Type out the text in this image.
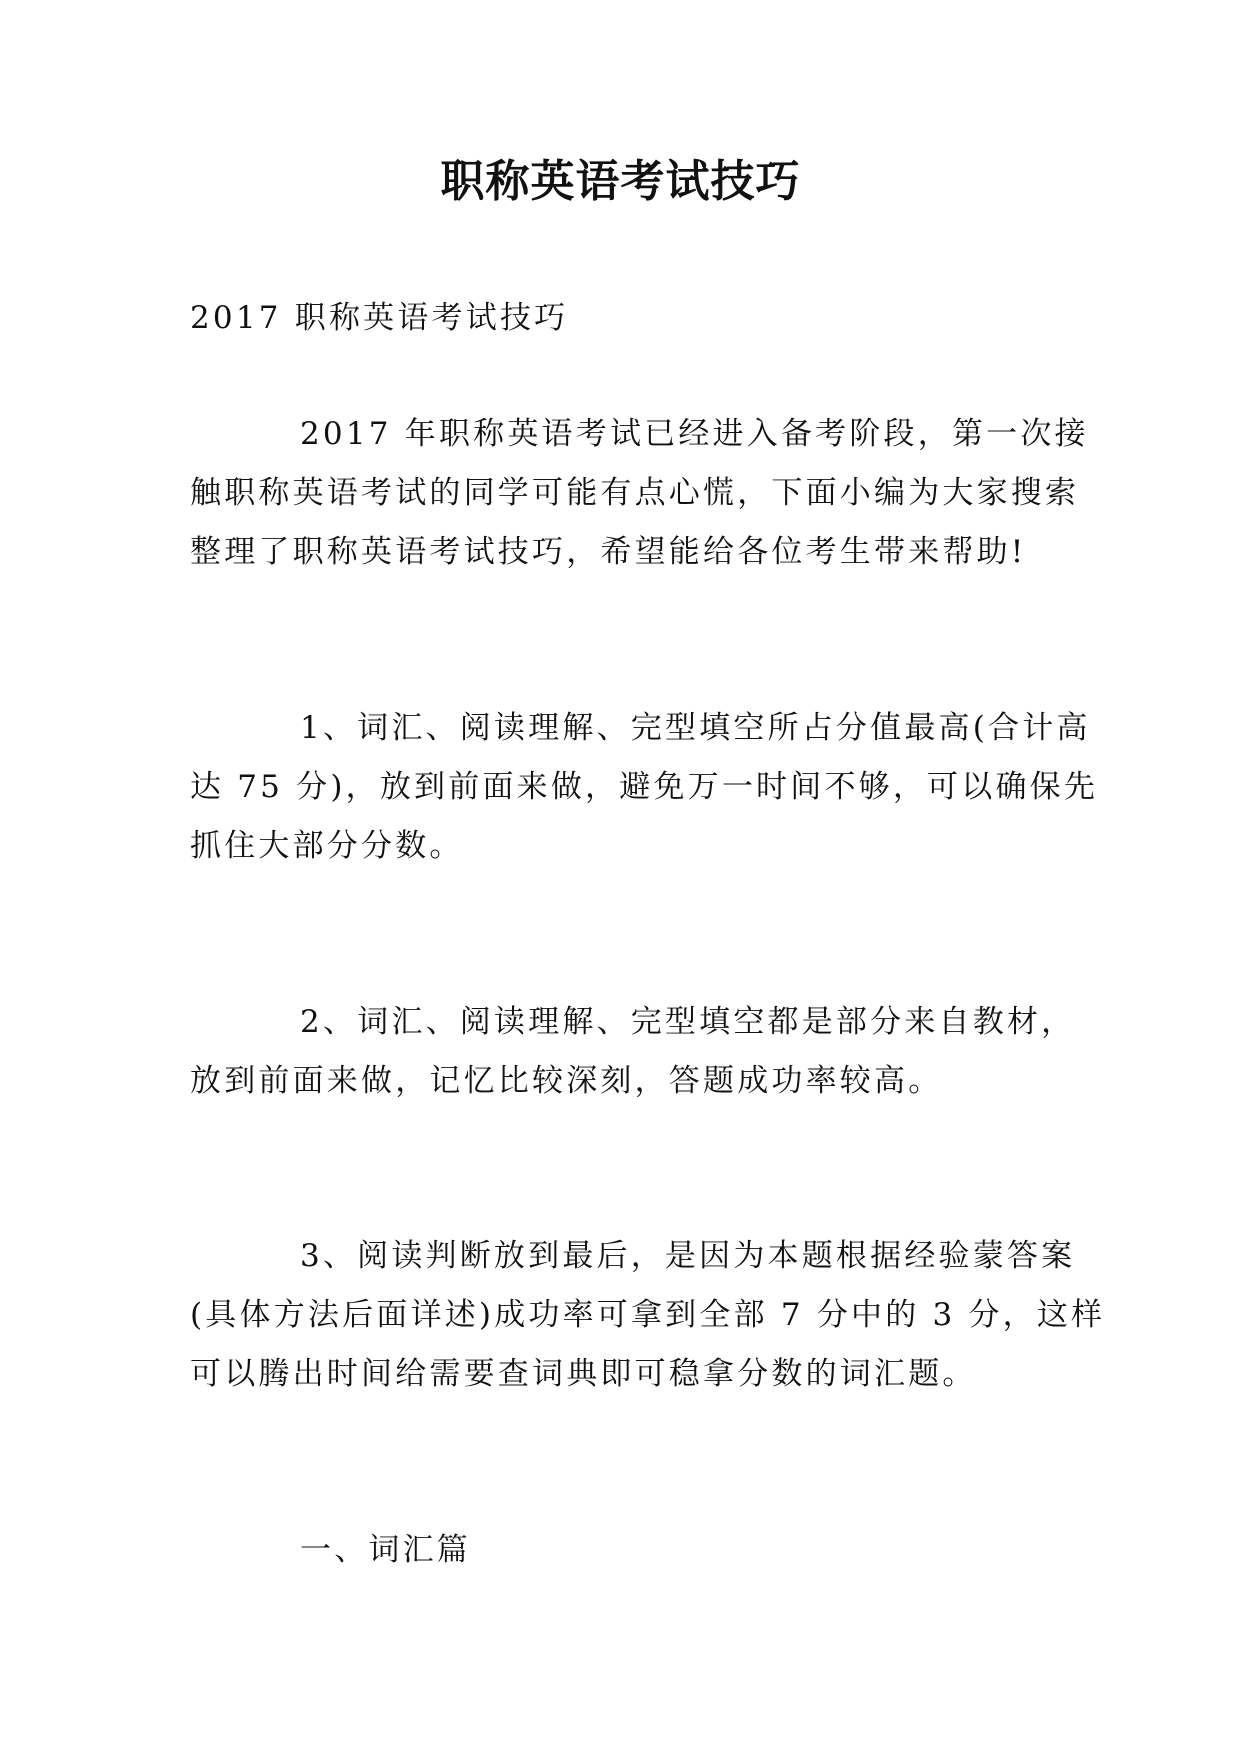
职称英语考试技巧
2017 职称英语考试技巧
2017 年职称英语考试已经进入备考阶段，第一次接
触职称英语考试的同学可能有点心慌，下面小编为大家搜索
整理了职称英语考试技巧，希望能给各位考生带来帮助!
1、词汇、阅读理解、完型填空所占分值最高(合计高
达 75 分)，放到前面来做，避免万一时间不够，可以确保先
抓住大部分分数。
2、词汇、阅读理解、完型填空都是部分来自教材，
放到前面来做，记忆比较深刻，答题成功率较高。
3、阅读判断放到最后，是因为本题根据经验蒙答案
(具体方法后面详述)成功率可拿到全部 7 分中的 3 分，这样
可以腾出时间给需要查词典即可稳拿分数的词汇题。
一、词汇篇
